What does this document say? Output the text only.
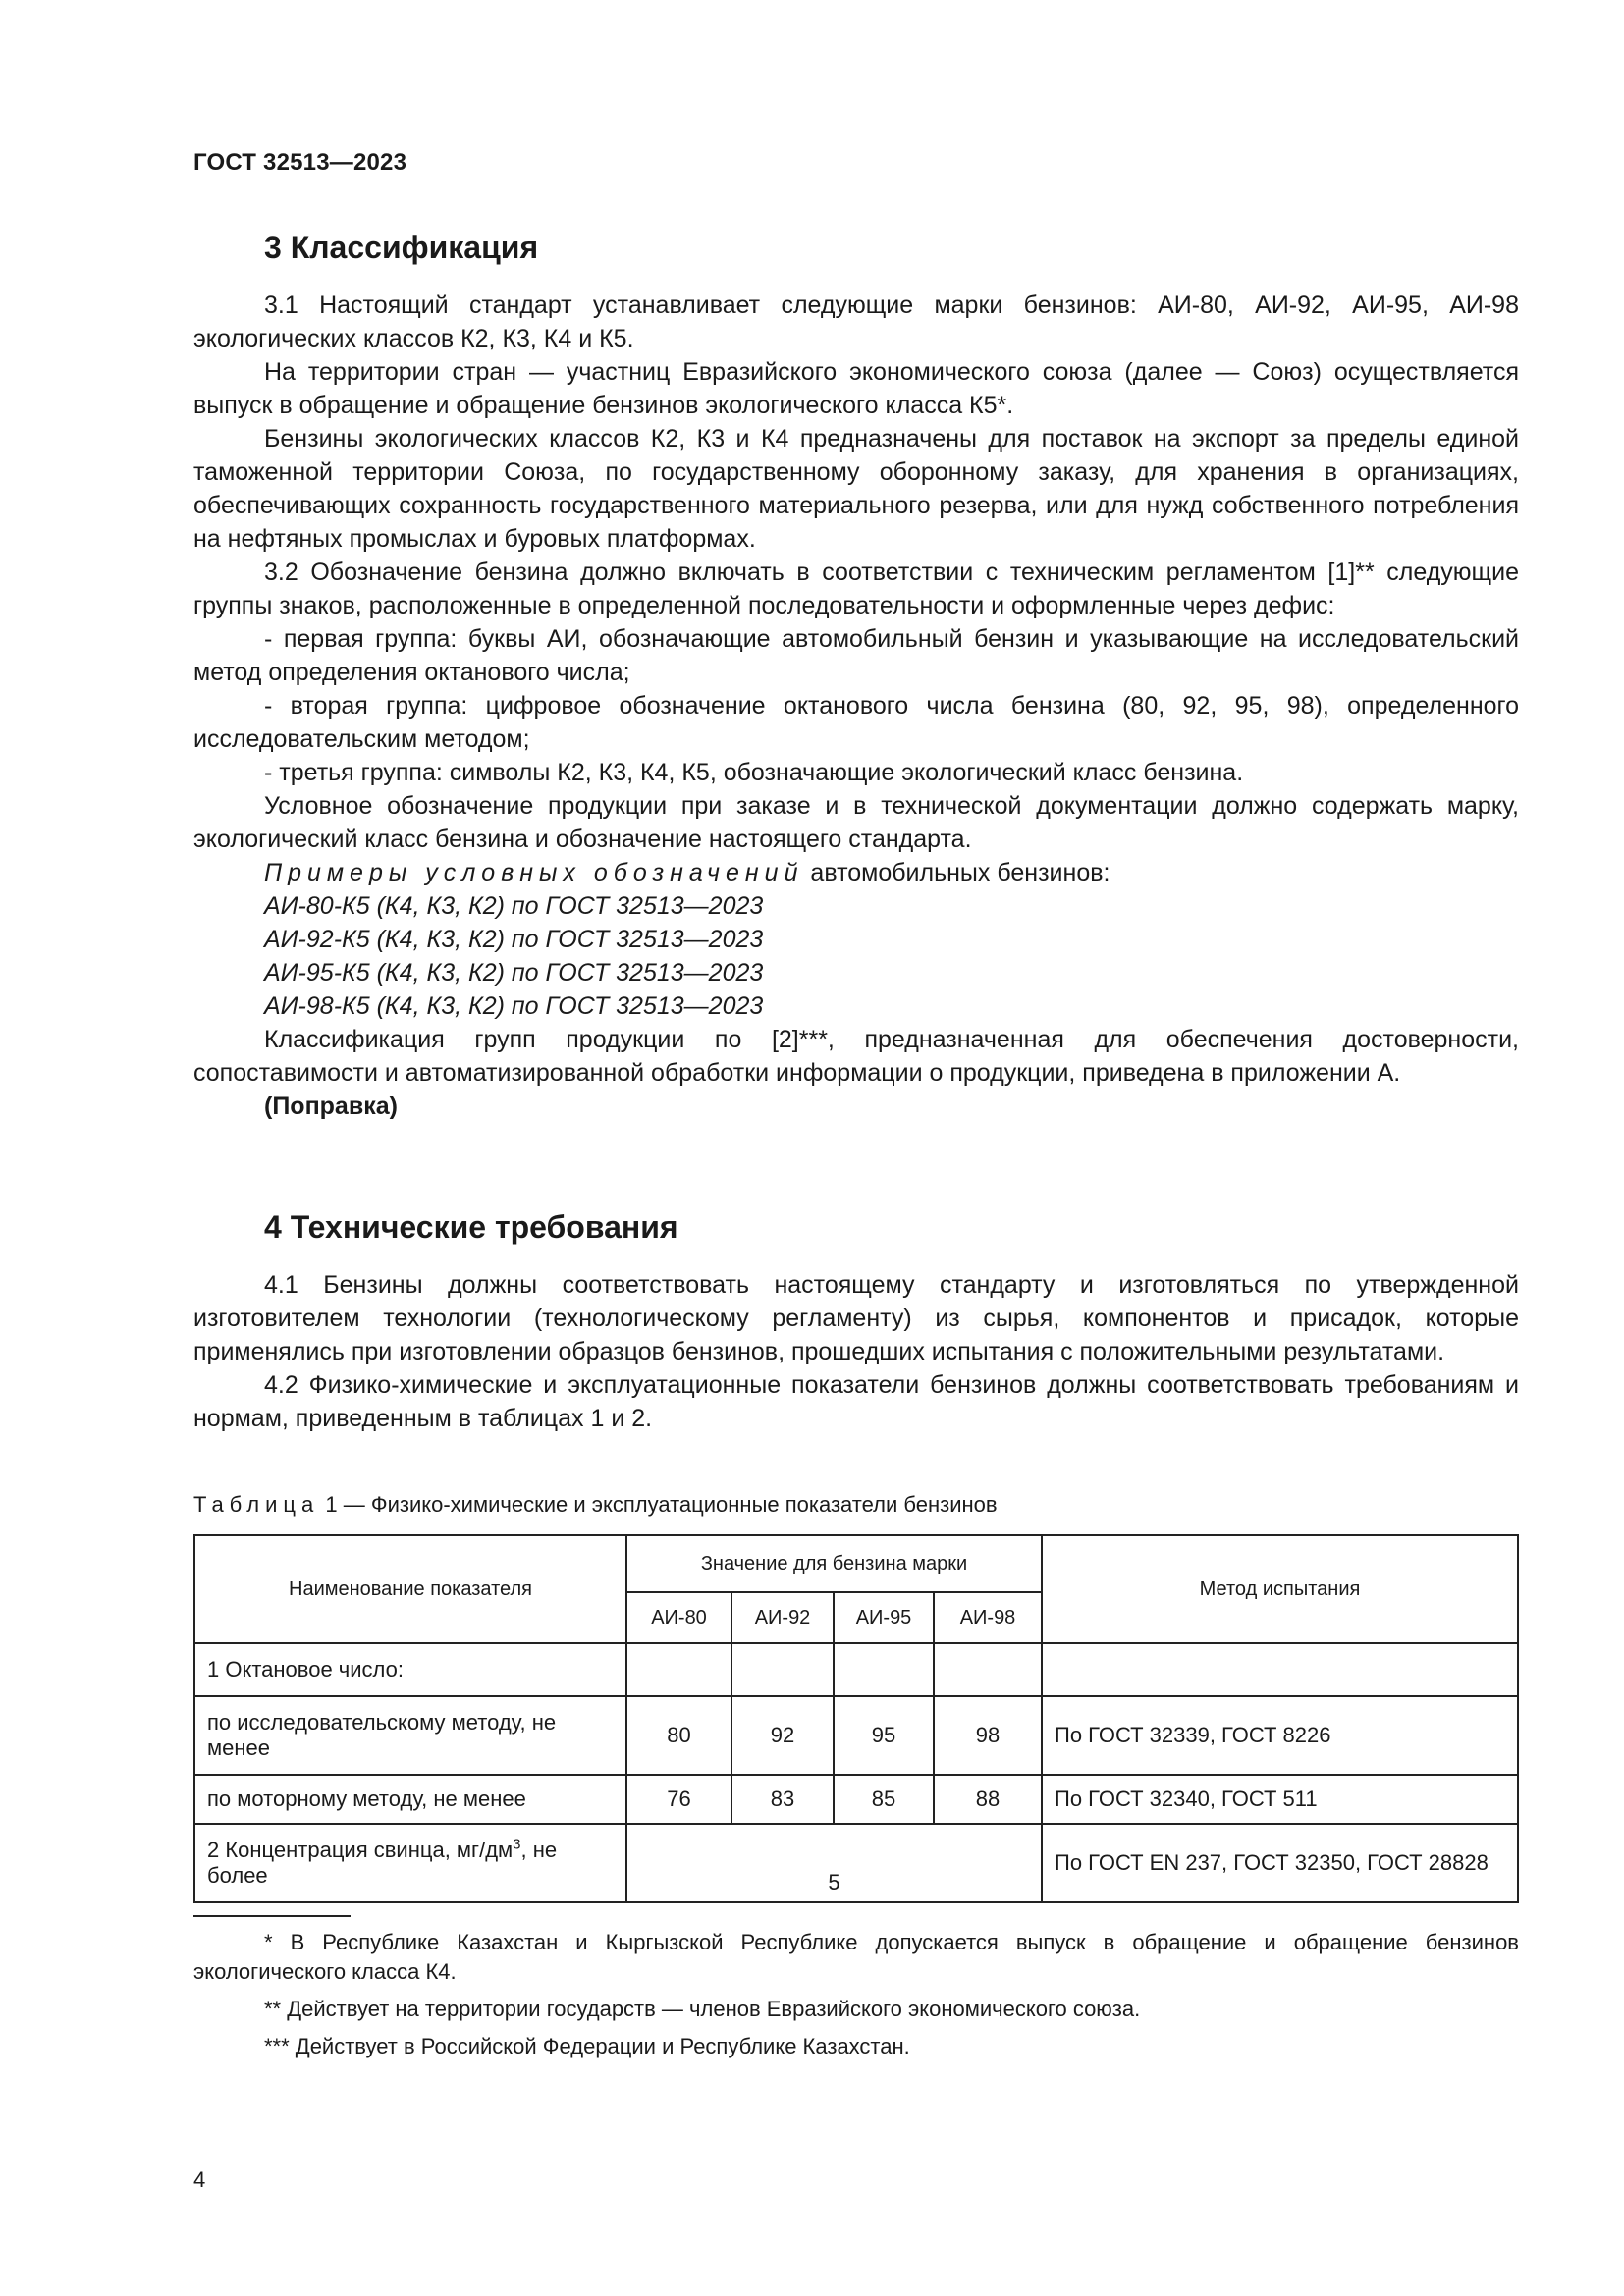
ГОСТ 32513—2023
3 Классификация

3.1 Настоящий стандарт устанавливает следующие марки бензинов: АИ-80, АИ-92, АИ-95, АИ-98 экологических классов К2, К3, К4 и К5.

На территории стран — участниц Евразийского экономического союза (далее — Союз) осуществляется выпуск в обращение и обращение бензинов экологического класса К5*.

Бензины экологических классов К2, К3 и К4 предназначены для поставок на экспорт за пределы единой таможенной территории Союза, по государственному оборонному заказу, для хранения в организациях, обеспечивающих сохранность государственного материального резерва, или для нужд собственного потребления на нефтяных промыслах и буровых платформах.

3.2 Обозначение бензина должно включать в соответствии с техническим регламентом [1]** следующие группы знаков, расположенные в определенной последовательности и оформленные через дефис:

- первая группа: буквы АИ, обозначающие автомобильный бензин и указывающие на исследовательский метод определения октанового числа;

- вторая группа: цифровое обозначение октанового числа бензина (80, 92, 95, 98), определенного исследовательским методом;

- третья группа: символы К2, К3, К4, К5, обозначающие экологический класс бензина.

Условное обозначение продукции при заказе и в технической документации должно содержать марку, экологический класс бензина и обозначение настоящего стандарта.

Примеры условных обозначений автомобильных бензинов:
АИ-80-К5 (К4, К3, К2) по ГОСТ 32513—2023
АИ-92-К5 (К4, К3, К2) по ГОСТ 32513—2023
АИ-95-К5 (К4, К3, К2) по ГОСТ 32513—2023
АИ-98-К5 (К4, К3, К2) по ГОСТ 32513—2023

Классификация групп продукции по [2]***, предназначенная для обеспечения достоверности, сопоставимости и автоматизированной обработки информации о продукции, приведена в приложении А.

(Поправка)
4 Технические требования

4.1 Бензины должны соответствовать настоящему стандарту и изготовляться по утвержденной изготовителем технологии (технологическому регламенту) из сырья, компонентов и присадок, которые применялись при изготовлении образцов бензинов, прошедших испытания с положительными результатами.

4.2 Физико-химические и эксплуатационные показатели бензинов должны соответствовать требованиям и нормам, приведенным в таблицах 1 и 2.

Таблица 1 — Физико-химические и эксплуатационные показатели бензинов
Наименование показателя	Значение для бензина марки				Метод испытания
	АИ-80	АИ-92	АИ-95	АИ-98	
1 Октановое число:					
по исследовательскому методу, не менее	80	92	95	98	По ГОСТ 32339, ГОСТ 8226
по моторному методу, не менее	76	83	85	88	По ГОСТ 32340, ГОСТ 511
2 Концентрация свинца, $мг/дм^3$, не более	5				По ГОСТ EN 237, ГОСТ 32350, ГОСТ 28828

* В Республике Казахстан и Кыргызской Республике допускается выпуск в обращение и обращение бензинов экологического класса К4.

** Действует на территории государств — членов Евразийского экономического союза.

*** Действует в Российской Федерации и Республике Казахстан.

4
